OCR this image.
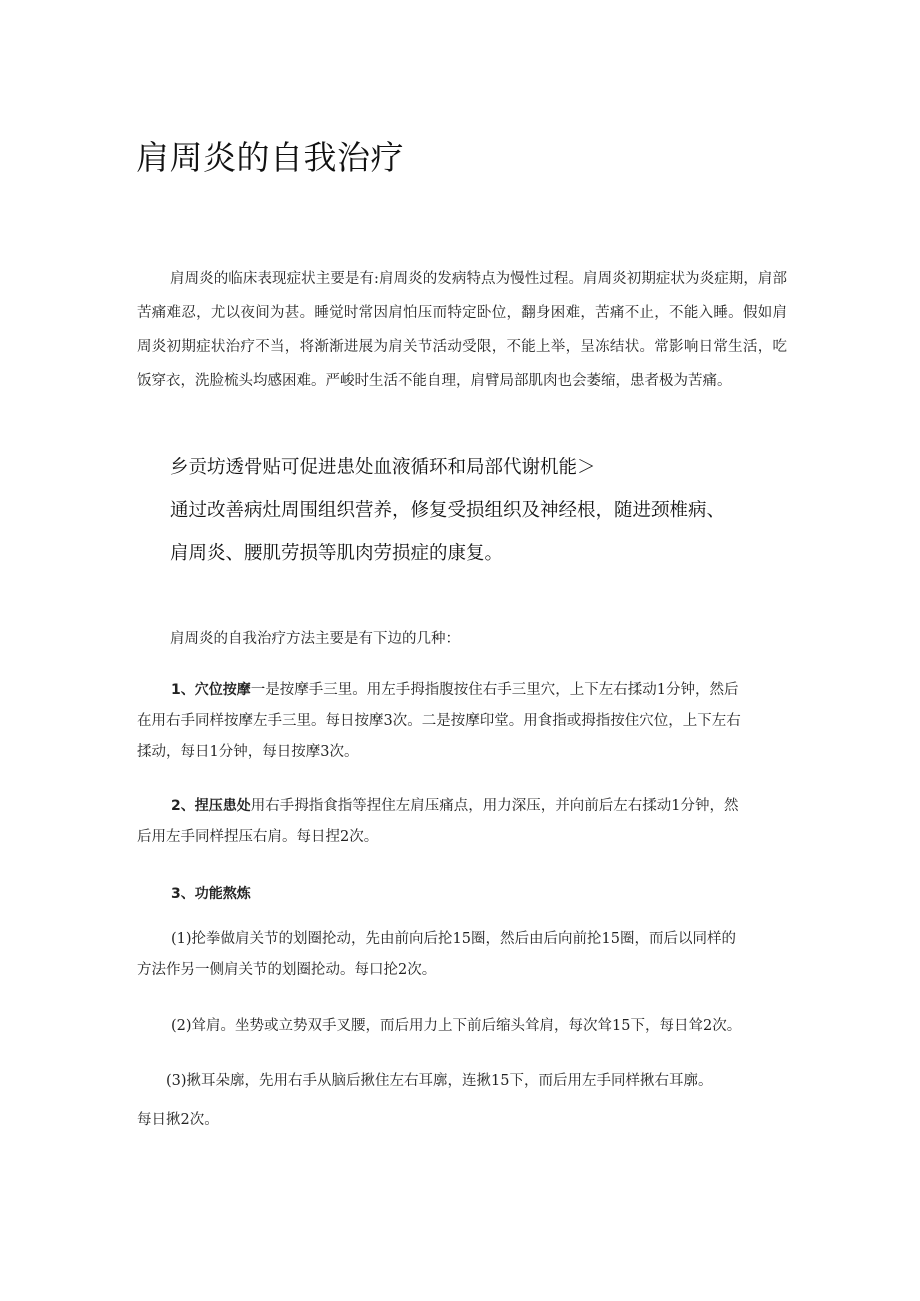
肩周炎的自我治疗

肩周炎的临床表现症状主要是有:肩周炎的发病特点为慢性过程。肩周炎初期症状为炎症期，肩部苦痛难忍，尤以夜间为甚。睡觉时常因肩怕压而特定卧位，翻身困难，苦痛不止，不能入睡。假如肩周炎初期症状治疗不当，将渐渐进展为肩关节活动受限，不能上举，呈冻结状。常影响日常生活，吃饭穿衣，洗脸梳头均感困难。严峻时生活不能自理，肩臂局部肌肉也会萎缩，患者极为苦痛。

乡贡坊透骨贴可促进患处血液循环和局部代谢机能＞
通过改善病灶周围组织营养，修复受损组织及神经根，随进颈椎病、
肩周炎、腰肌劳损等肌肉劳损症的康复。
肩周炎的自我治疗方法主要是有下边的几种：
1、穴位按摩一是按摩手三里。用左手拇指腹按住右手三里穴，上下左右揉动1分钟，然后
在用右手同样按摩左手三里。每日按摩3次。二是按摩印堂。用食指或拇指按住穴位，上下左右
揉动，每日1分钟，每日按摩3次。
2、捏压患处用右手拇指食指等捏住左肩压痛点，用力深压，并向前后左右揉动1分钟，然
后用左手同样捏压右肩。每日捏2次。
3、功能熬炼
(1)抡拳做肩关节的划圈抡动，先由前向后抡15圈，然后由后向前抡15圈，而后以同样的
方法作另一侧肩关节的划圈抡动。每口抡2次。
(2)耸肩。坐势或立势双手叉腰，而后用力上下前后缩头耸肩，每次耸15下，每日耸2次。
(3)揪耳朵廓，先用右手从脑后揪住左右耳廓，连揪15下，而后用左手同样揪右耳廓。
每日揪2次。
